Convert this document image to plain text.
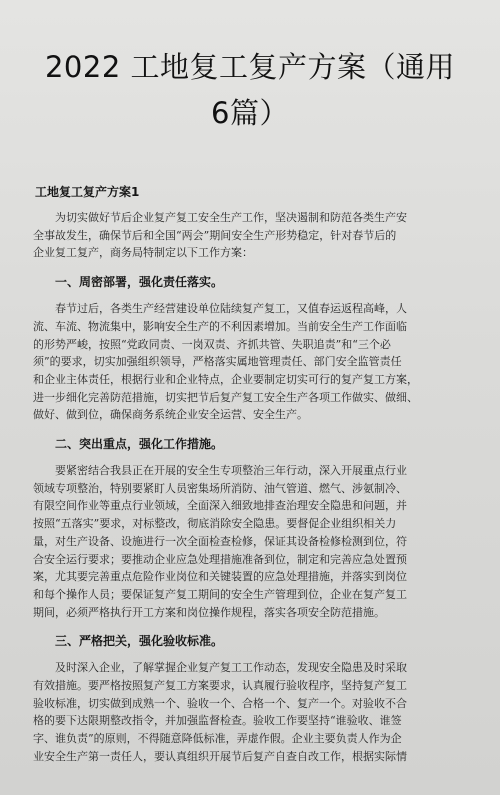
2022 工地复工复产方案（通用
6篇）
工地复工复产方案1
为切实做好节后企业复产复工安全生产工作，坚决遏制和防范各类生产安
全事故发生，确保节后和全国“两会”期间安全生产形势稳定，针对春节后的
企业复工复产，商务局特制定以下工作方案：
一、周密部署，强化责任落实。
春节过后，各类生产经营建设单位陆续复产复工，又值春运返程高峰，人
流、车流、物流集中，影响安全生产的不利因素增加。当前安全生产工作面临
的形势严峻，按照“党政同责、一岗双责、齐抓共管、失职追责”和“三个必
须”的要求，切实加强组织领导，严格落实属地管理责任、部门安全监管责任
和企业主体责任，根据行业和企业特点，企业要制定切实可行的复产复工方案，
进一步细化完善防范措施，切实把节后复产复工安全生产各项工作做实、做细、
做好、做到位，确保商务系统企业安全运营、安全生产。
二、突出重点，强化工作措施。
要紧密结合我县正在开展的安全生专项整治三年行动，深入开展重点行业
领域专项整治，特别要紧盯人员密集场所消防、油气管道、燃气、涉氨制冷、
有限空间作业等重点行业领域，全面深入细致地排查治理安全隐患和问题，并
按照“五落实”要求，对标整改，彻底消除安全隐患。要督促企业组织相关力
量，对生产设备、设施进行一次全面检查检修，保证其设备检修检测到位，符
合安全运行要求；要推动企业应急处理措施准备到位，制定和完善应急处置预
案，尤其要完善重点危险作业岗位和关键装置的应急处理措施，并落实到岗位
和每个操作人员；要保证复产复工期间的安全生产管理到位，企业在复产复工
期间，必须严格执行开工方案和岗位操作规程，落实各项安全防范措施。
三、严格把关，强化验收标准。
及时深入企业，了解掌握企业复产复工工作动态，发现安全隐患及时采取
有效措施。要严格按照复产复工方案要求，认真履行验收程序，坚持复产复工
验收标准，切实做到成熟一个、验收一个、合格一个、复产一个。对验收不合
格的要下达限期整改指令，并加强监督检查。验收工作要坚持“谁验收、谁签
字、谁负责”的原则，不得随意降低标准，弄虚作假。企业主要负责人作为企
业安全生产第一责任人，要认真组织开展节后复产自查自改工作，根据实际情
